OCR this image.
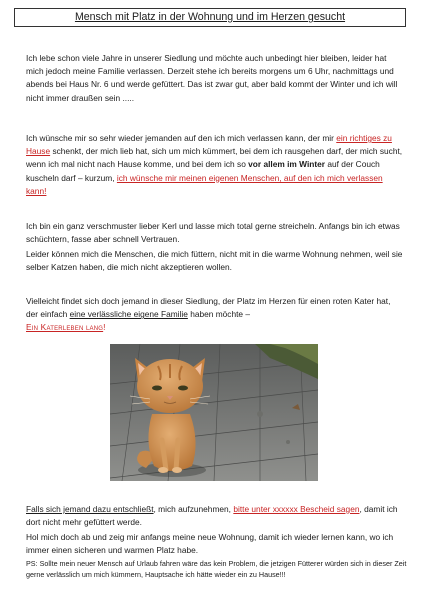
Mensch mit Platz in der Wohnung und im Herzen gesucht

Ich lebe schon viele Jahre in unserer Siedlung und möchte auch unbedingt hier bleiben, leider hat mich jedoch meine Familie verlassen. Derzeit stehe ich bereits morgens um 6 Uhr, nachmittags und abends bei Haus Nr. 6 und werde gefüttert. Das ist zwar gut, aber bald kommt der Winter und ich will nicht immer draußen sein .....

Ich wünsche mir so sehr wieder jemanden auf den ich mich verlassen kann, der mir ein richtiges zu Hause schenkt, der mich lieb hat, sich um mich kümmert, bei dem ich rausgehen darf, der mich sucht, wenn ich mal nicht nach Hause komme, und bei dem ich so vor allem im Winter auf der Couch kuscheln darf – kurzum, ich wünsche mir meinen eigenen Menschen, auf den ich mich verlassen kann!

Ich bin ein ganz verschmuster lieber Kerl und lasse mich total gerne streicheln. Anfangs bin ich etwas schüchtern, fasse aber schnell Vertrauen.

Leider können mich die Menschen, die mich füttern, nicht mit in die warme Wohnung nehmen, weil sie selber Katzen haben, die mich nicht akzeptieren wollen.

Vielleicht findet sich doch jemand in dieser Siedlung, der Platz im Herzen für einen roten Kater hat, der einfach eine verlässliche eigene Familie haben möchte –
Ein Katerleben lang!

Falls sich jemand dazu entschließt, mich aufzunehmen, bitte unter xxxxxx Bescheid sagen, damit ich dort nicht mehr gefüttert werde.

Hol mich doch ab und zeig mir anfangs meine neue Wohnung, damit ich wieder lernen kann, wo ich immer einen sicheren und warmen Platz habe.

PS: Sollte mein neuer Mensch auf Urlaub fahren wäre das kein Problem, die jetzigen Fütterer würden sich in dieser Zeit gerne verlässlich um mich kümmern, Hauptsache ich hätte wieder ein zu Hause!!!
